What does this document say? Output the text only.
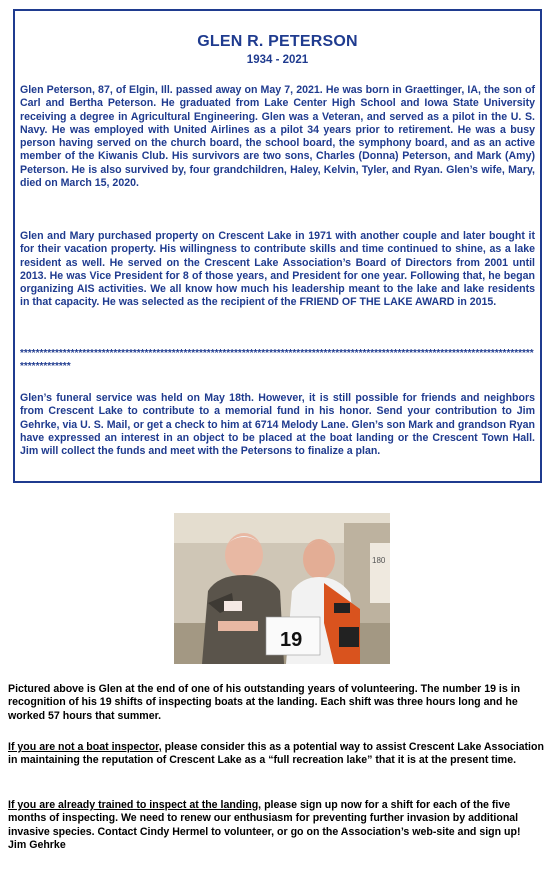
GLEN R. PETERSON
1934 - 2021

Glen Peterson, 87, of Elgin, Ill. passed away on May 7, 2021. He was born in Graettinger, IA, the son of Carl and Bertha Peterson. He graduated from Lake Center High School and Iowa State University receiving a degree in Agricultural Engineering. Glen was a Veteran, and served as a pilot in the U. S. Navy. He was employed with United Airlines as a pilot 34 years prior to retirement. He was a busy person having served on the church board, the school board, the symphony board, and as an active member of the Kiwanis Club. His survivors are two sons, Charles (Donna) Peterson, and Mark (Amy) Peterson. He is also survived by, four grandchildren, Haley, Kelvin, Tyler, and Ryan. Glen’s wife, Mary, died on March 15, 2020.

Glen and Mary purchased property on Crescent Lake in 1971 with another couple and later bought it for their vacation property. His willingness to contribute skills and time continued to shine, as a lake resident as well. He served on the Crescent Lake Association’s Board of Directors from 2001 until 2013. He was Vice President for 8 of those years, and President for one year. Following that, he began organizing AIS activities. We all know how much his leadership meant to the lake and lake residents in that capacity. He was selected as the recipient of the FRIEND OF THE LAKE AWARD in 2015.

*************************************************************************************************************************************************

Glen’s funeral service was held on May 18th. However, it is still possible for friends and neighbors from Crescent Lake to contribute to a memorial fund in his honor. Send your contribution to Jim Gehrke, via U. S. Mail, or get a check to him at 6714 Melody Lane. Glen’s son Mark and grandson Ryan have expressed an interest in an object to be placed at the boat landing or the Crescent Town Hall. Jim will collect the funds and meet with the Petersons to finalize a plan.

180
19

Pictured above is Glen at the end of one of his outstanding years of volunteering. The number 19 is in recognition of his 19 shifts of inspecting boats at the landing. Each shift was three hours long and he worked 57 hours that summer.

If you are not a boat inspector, please consider this as a potential way to assist Crescent Lake Association in maintaining the reputation of Crescent Lake as a “full recreation lake” that it is at the present time.

If you are already trained to inspect at the landing, please sign up now for a shift for each of the five months of inspecting. We need to renew our enthusiasm for preventing further invasion by additional invasive species. Contact Cindy Hermel to volunteer, or go on the Association’s web-site and sign up!
Jim Gehrke
